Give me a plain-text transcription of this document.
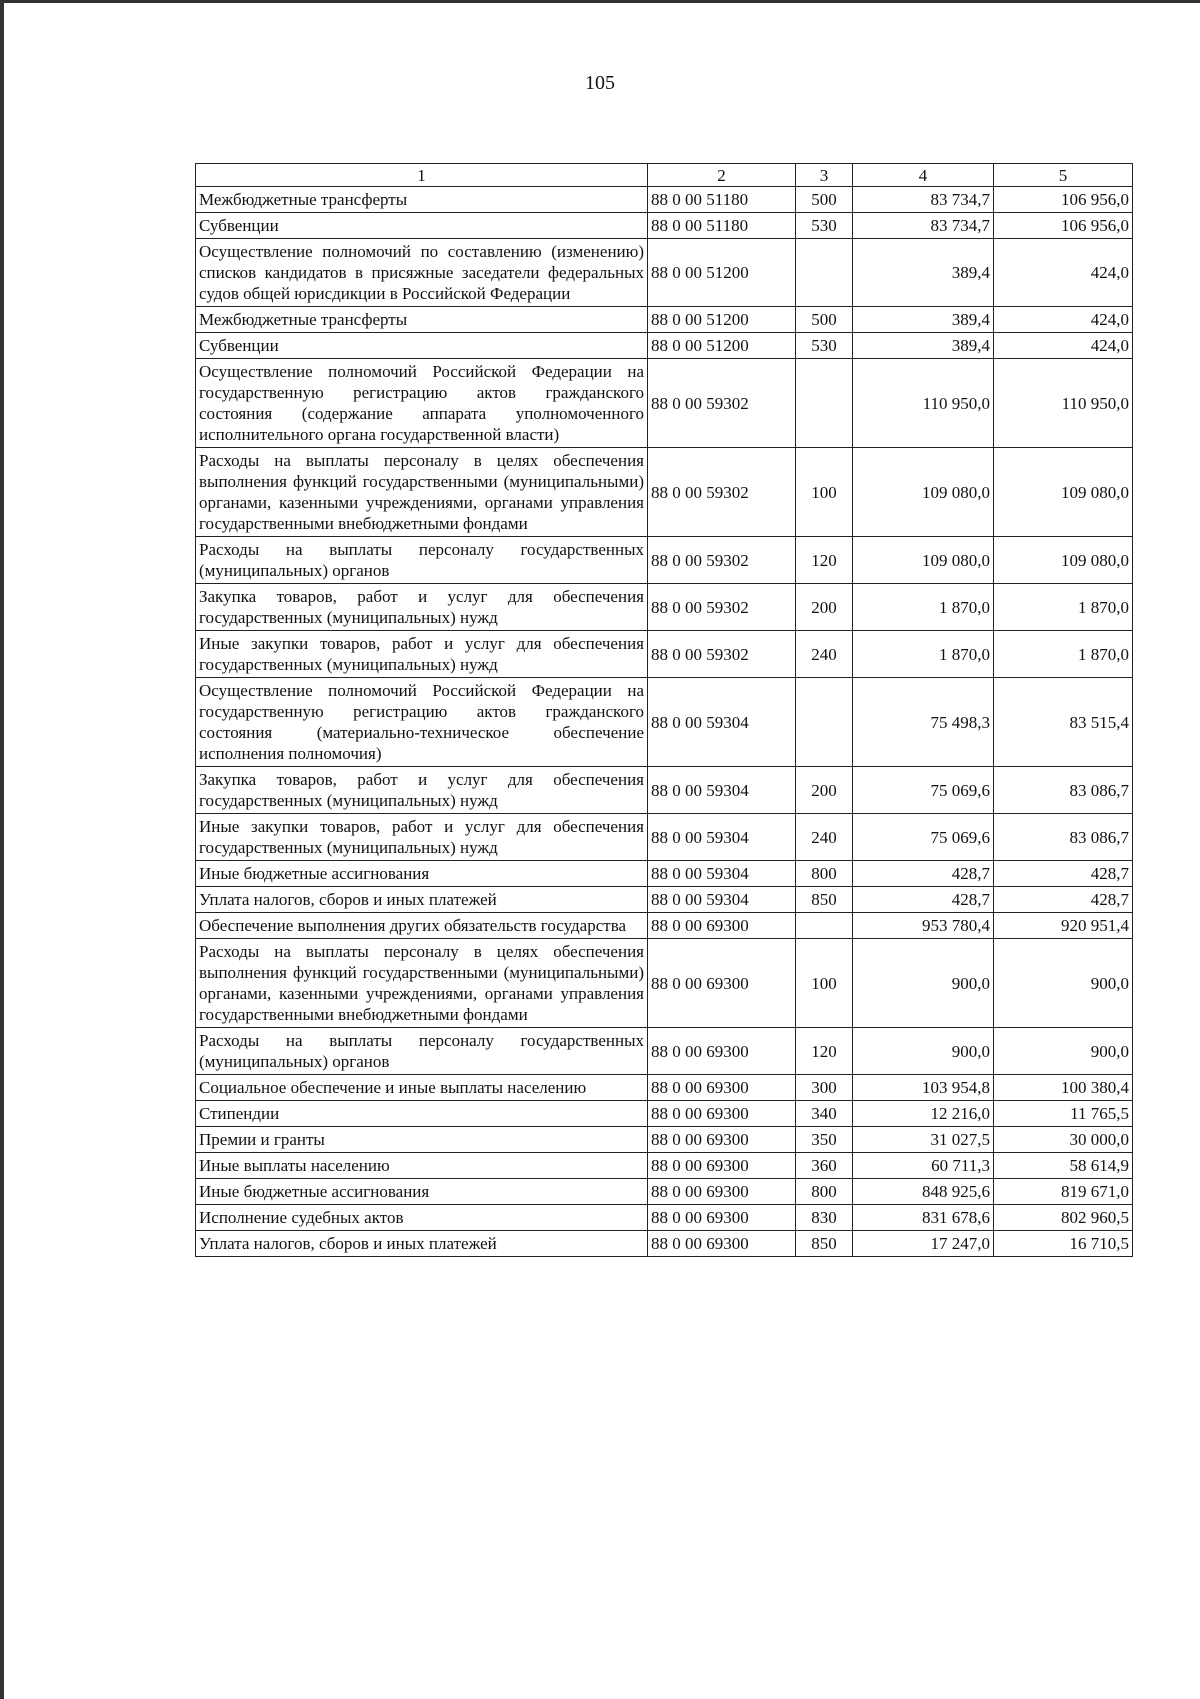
105
1	2	3	4	5
Межбюджетные трансферты	88 0 00 51180	500	83 734,7	106 956,0
Субвенции	88 0 00 51180	530	83 734,7	106 956,0
Осуществление полномочий по составлению (изменению) списков кандидатов в присяжные заседатели федеральных судов общей юрисдикции в Российской Федерации	88 0 00 51200		389,4	424,0
Межбюджетные трансферты	88 0 00 51200	500	389,4	424,0
Субвенции	88 0 00 51200	530	389,4	424,0
Осуществление полномочий Российской Федерации на государственную регистрацию актов гражданского состояния (содержание аппарата уполномоченного исполнительного органа государственной власти)	88 0 00 59302		110 950,0	110 950,0
Расходы на выплаты персоналу в целях обеспечения выполнения функций государственными (муниципальными) органами, казенными учреждениями, органами управления государственными внебюджетными фондами	88 0 00 59302	100	109 080,0	109 080,0
Расходы на выплаты персоналу государственных (муниципальных) органов	88 0 00 59302	120	109 080,0	109 080,0
Закупка товаров, работ и услуг для обеспечения государственных (муниципальных) нужд	88 0 00 59302	200	1 870,0	1 870,0
Иные закупки товаров, работ и услуг для обеспечения государственных (муниципальных) нужд	88 0 00 59302	240	1 870,0	1 870,0
Осуществление полномочий Российской Федерации на государственную регистрацию актов гражданского состояния (материально-техническое обеспечение исполнения полномочия)	88 0 00 59304		75 498,3	83 515,4
Закупка товаров, работ и услуг для обеспечения государственных (муниципальных) нужд	88 0 00 59304	200	75 069,6	83 086,7
Иные закупки товаров, работ и услуг для обеспечения государственных (муниципальных) нужд	88 0 00 59304	240	75 069,6	83 086,7
Иные бюджетные ассигнования	88 0 00 59304	800	428,7	428,7
Уплата налогов, сборов и иных платежей	88 0 00 59304	850	428,7	428,7
Обеспечение выполнения других обязательств государства	88 0 00 69300		953 780,4	920 951,4
Расходы на выплаты персоналу в целях обеспечения выполнения функций государственными (муниципальными) органами, казенными учреждениями, органами управления государственными внебюджетными фондами	88 0 00 69300	100	900,0	900,0
Расходы на выплаты персоналу государственных (муниципальных) органов	88 0 00 69300	120	900,0	900,0
Социальное обеспечение и иные выплаты населению	88 0 00 69300	300	103 954,8	100 380,4
Стипендии	88 0 00 69300	340	12 216,0	11 765,5
Премии и гранты	88 0 00 69300	350	31 027,5	30 000,0
Иные выплаты населению	88 0 00 69300	360	60 711,3	58 614,9
Иные бюджетные ассигнования	88 0 00 69300	800	848 925,6	819 671,0
Исполнение судебных актов	88 0 00 69300	830	831 678,6	802 960,5
Уплата налогов, сборов и иных платежей	88 0 00 69300	850	17 247,0	16 710,5
